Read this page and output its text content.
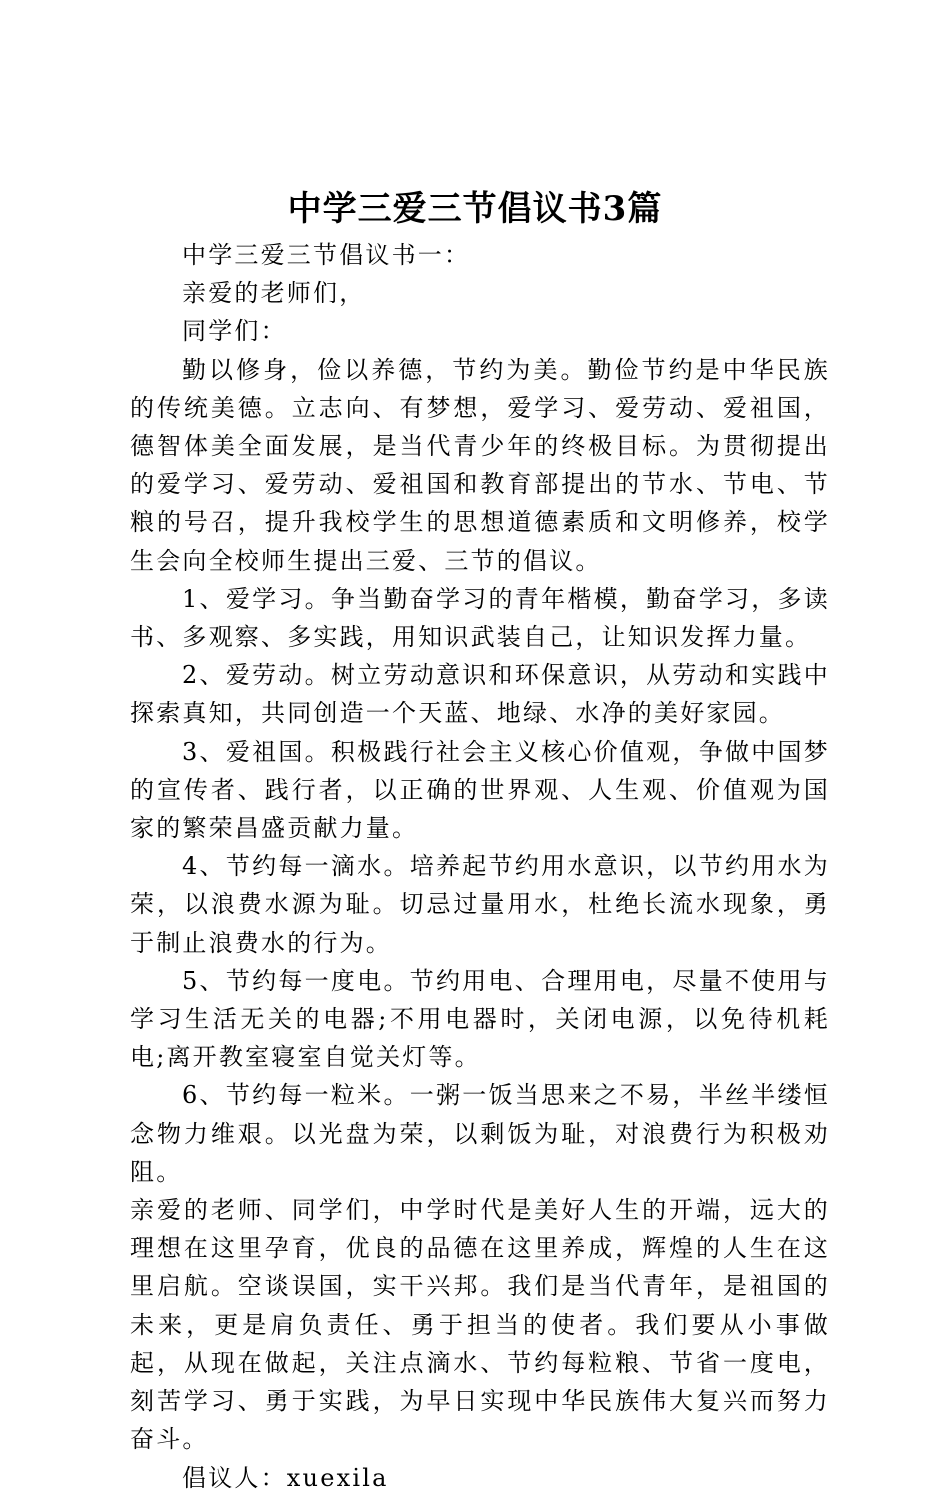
中学三爱三节倡议书3篇

中学三爱三节倡议书一：

亲爱的老师们，

同学们：

勤以修身，俭以养德，节约为美。勤俭节约是中华民族的传统美德。立志向、有梦想，爱学习、爱劳动、爱祖国，德智体美全面发展，是当代青少年的终极目标。为贯彻提出的爱学习、爱劳动、爱祖国和教育部提出的节水、节电、节粮的号召，提升我校学生的思想道德素质和文明修养，校学生会向全校师生提出三爱、三节的倡议。

1、爱学习。争当勤奋学习的青年楷模，勤奋学习，多读书、多观察、多实践，用知识武装自己，让知识发挥力量。

2、爱劳动。树立劳动意识和环保意识，从劳动和实践中探索真知，共同创造一个天蓝、地绿、水净的美好家园。

3、爱祖国。积极践行社会主义核心价值观，争做中国梦的宣传者、践行者，以正确的世界观、人生观、价值观为国家的繁荣昌盛贡献力量。

4、节约每一滴水。培养起节约用水意识，以节约用水为荣，以浪费水源为耻。切忌过量用水，杜绝长流水现象，勇于制止浪费水的行为。

5、节约每一度电。节约用电、合理用电，尽量不使用与学习生活无关的电器;不用电器时，关闭电源，以免待机耗电;离开教室寝室自觉关灯等。

6、节约每一粒米。一粥一饭当思来之不易，半丝半缕恒念物力维艰。以光盘为荣，以剩饭为耻，对浪费行为积极劝阻。

亲爱的老师、同学们，中学时代是美好人生的开端，远大的理想在这里孕育，优良的品德在这里养成，辉煌的人生在这里启航。空谈误国，实干兴邦。我们是当代青年，是祖国的未来，更是肩负责任、勇于担当的使者。我们要从小事做起，从现在做起，关注点滴水、节约每粒粮、节省一度电，刻苦学习、勇于实践，为早日实现中华民族伟大复兴而努力奋斗。

倡议人：xuexila
